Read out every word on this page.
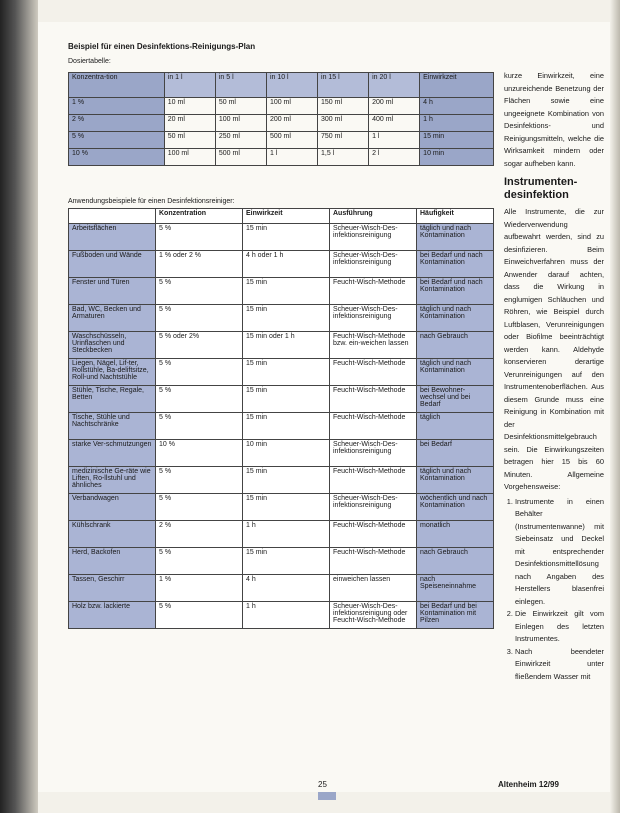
Beispiel für einen Desinfektions-Reinigungs-Plan
Dosiertabelle:
Konzentra-tion	in 1 l	in 5 l	in 10 l	in 15 l	in 20 l	Einwirkzeit
1 %	10 ml	50 ml	100 ml	150 ml	200 ml	4 h
2 %	20 ml	100 ml	200 ml	300 ml	400 ml	1 h
5 %	50 ml	250 ml	500 ml	750 ml	1 l	15 min
10 %	100 ml	500 ml	1 l	1,5 l	2 l	10 min
Anwendungsbeispiele für einen Desinfektionsreiniger:
	Konzentration	Einwirkzeit	Ausführung	Häufigkeit
Arbeitsflächen	5 %	15 min	Scheuer-Wisch-Des-infektionsreinigung	täglich und nach Kontamination
Fußboden und Wände	1 % oder 2 %	4 h oder 1 h	Scheuer-Wisch-Des-infektionsreinigung	bei Bedarf und nach Kontamination
Fenster und Türen	5 %	15 min	Feucht-Wisch-Methode	bei Bedarf und nach Kontamination
Bad, WC, Becken und Armaturen	5 %	15 min	Scheuer-Wisch-Des-infektionsreinigung	täglich und nach Kontamination
Waschschüsseln, Urinflaschen und Steckbecken	5 % oder 2%	15 min oder 1 h	Feucht-Wisch-Methode bzw. ein-weichen lassen	nach Gebrauch
Liegen, Nägel, Lif-ter, Rollstühle, Ba-deliftsitze, Roll-und Nachtstühle	5 %	15 min	Feucht-Wisch-Methode	täglich und nach Kontamination
Stühle, Tische, Regale, Betten	5 %	15 min	Feucht-Wisch-Methode	bei Bewohner-wechsel und bei Bedarf
Tische, Stühle und Nachtschränke	5 %	15 min	Feucht-Wisch-Methode	täglich
starke Ver-schmutzungen	10 %	10 min	Scheuer-Wisch-Des-infektionsreinigung	bei Bedarf
medizinische Ge-räte wie Liften, Ro-llstuhl und ähnliches	5 %	15 min	Feucht-Wisch-Methode	täglich und nach Kontamination
Verbandwagen	5 %	15 min	Scheuer-Wisch-Des-infektionsreinigung	wöchentlich und nach Kontamination
Kühlschrank	2 %	1 h	Feucht-Wisch-Methode	monatlich
Herd, Backofen	5 %	15 min	Feucht-Wisch-Methode	nach Gebrauch
Tassen, Geschirr	1 %	4 h	einweichen lassen	nach Speiseneinnahme
Holz bzw. lackierte	5 %	1 h	Scheuer-Wisch-Des-infektionsreinigung oder Feucht-Wisch-Methode	bei Bedarf und bei Kontamination mit Pilzen

kurze Einwirkzeit, eine unzureichende Benetzung der Flächen sowie eine ungeeignete Kombination von Desinfektions- und Reinigungsmitteln, welche die Wirksamkeit mindern oder sogar aufheben kann.

Instrumenten-desinfektion

Alle Instrumente, die zur Wiederverwendung aufbewahrt werden, sind zu desinfizieren. Beim Einweichverfahren muss der Anwender darauf achten, dass die Wirkung in englumigen Schläuchen und Röhren, wie Beispiel durch Luftblasen, Verunreinigungen oder Biofilme beeinträchtigt werden kann. Aldehyde konservieren derartige Verunreinigungen auf den Instrumentenoberflächen. Aus diesem Grunde muss eine Reinigung in Kombination mit der Desinfektionsmittelgebrauch sein. Die Einwirkungszeiten betragen hier 15 bis 60 Minuten. Allgemeine Vorgehensweise:

1. Instrumente in einen Behälter (Instrumentenwanne) mit Siebeinsatz und Deckel mit entsprechender Desinfektionsmittellösung nach Angaben des Herstellers blasenfrei einlegen.
2. Die Einwirkzeit gilt vom Einlegen des letzten Instrumentes.
3. Nach beendeter Einwirkzeit unter fließendem Wasser mit
25	Altenheim 12/99
